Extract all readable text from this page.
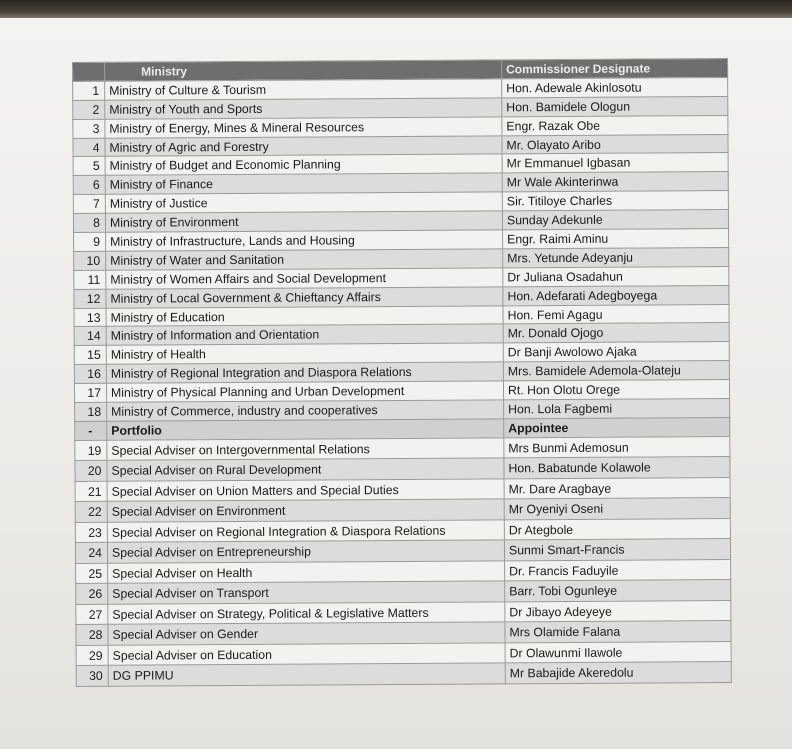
	Ministry	Commissioner Designate
1	Ministry of Culture & Tourism	Hon. Adewale Akinlosotu
2	Ministry of Youth and Sports	Hon. Bamidele Ologun
3	Ministry of Energy, Mines & Mineral Resources	Engr. Razak Obe
4	Ministry of Agric and Forestry	Mr. Olayato Aribo
5	Ministry of Budget and Economic Planning	Mr Emmanuel Igbasan
6	Ministry of Finance	Mr Wale Akinterinwa
7	Ministry of Justice	Sir. Titiloye Charles
8	Ministry of Environment	Sunday Adekunle
9	Ministry of Infrastructure, Lands and Housing	Engr. Raimi Aminu
10	Ministry of Water and Sanitation	Mrs. Yetunde Adeyanju
11	Ministry of Women Affairs and Social Development	Dr Juliana Osadahun
12	Ministry of Local Government & Chieftancy Affairs	Hon. Adefarati Adegboyega
13	Ministry of Education	Hon. Femi Agagu
14	Ministry of Information and Orientation	Mr. Donald Ojogo
15	Ministry of Health	Dr Banji Awolowo Ajaka
16	Ministry of Regional Integration and Diaspora Relations	Mrs. Bamidele Ademola-Olateju
17	Ministry of Physical Planning and Urban Development	Rt. Hon Olotu Orege
18	Ministry of Commerce, industry and cooperatives	Hon. Lola Fagbemi
-	Portfolio	Appointee
19	Special Adviser on Intergovernmental Relations	Mrs Bunmi Ademosun
20	Special Adviser on Rural Development	Hon. Babatunde Kolawole
21	Special Adviser on Union Matters and Special Duties	Mr. Dare Aragbaye
22	Special Adviser on Environment	Mr Oyeniyi Oseni
23	Special Adviser on Regional Integration & Diaspora Relations	Dr Ategbole
24	Special Adviser on Entrepreneurship	Sunmi Smart-Francis
25	Special Adviser on Health	Dr. Francis Faduyile
26	Special Adviser on Transport	Barr. Tobi Ogunleye
27	Special Adviser on Strategy, Political & Legislative Matters	Dr Jibayo Adeyeye
28	Special Adviser on Gender	Mrs Olamide Falana
29	Special Adviser on Education	Dr Olawunmi Ilawole
30	DG PPIMU	Mr Babajide Akeredolu
